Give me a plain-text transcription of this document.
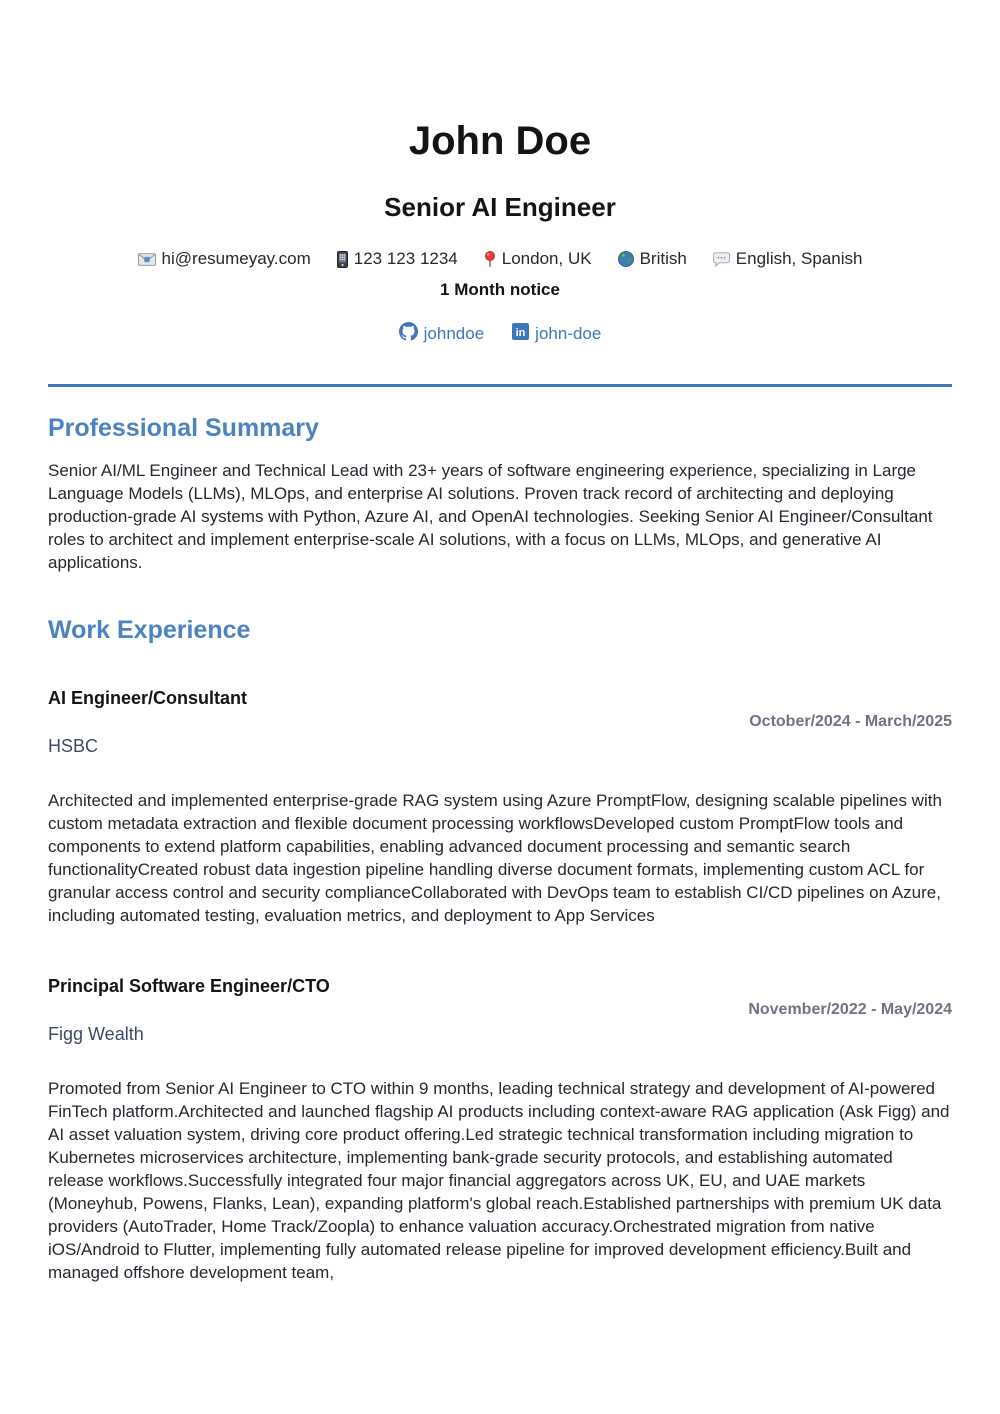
John Doe
Senior AI Engineer
hi@resumeyay.com	123 123 1234	London, UK	British	English, Spanish
1 Month notice
johndoe	in john-doe
Professional Summary

Senior AI/ML Engineer and Technical Lead with 23+ years of software engineering experience, specializing in Large Language Models (LLMs), MLOps, and enterprise AI solutions. Proven track record of architecting and deploying production-grade AI systems with Python, Azure AI, and OpenAI technologies. Seeking Senior AI Engineer/Consultant roles to architect and implement enterprise-scale AI solutions, with a focus on LLMs, MLOps, and generative AI applications.

Work Experience
AI Engineer/Consultant
October/2024 - March/2025
HSBC

Architected and implemented enterprise-grade RAG system using Azure PromptFlow, designing scalable pipelines with custom metadata extraction and flexible document processing workflowsDeveloped custom PromptFlow tools and components to extend platform capabilities, enabling advanced document processing and semantic search functionalityCreated robust data ingestion pipeline handling diverse document formats, implementing custom ACL for granular access control and security complianceCollaborated with DevOps team to establish CI/CD pipelines on Azure, including automated testing, evaluation metrics, and deployment to App Services

Principal Software Engineer/CTO
November/2022 - May/2024
Figg Wealth

Promoted from Senior AI Engineer to CTO within 9 months, leading technical strategy and development of AI-powered FinTech platform.Architected and launched flagship AI products including context-aware RAG application (Ask Figg) and AI asset valuation system, driving core product offering.Led strategic technical transformation including migration to Kubernetes microservices architecture, implementing bank-grade security protocols, and establishing automated release workflows.Successfully integrated four major financial aggregators across UK, EU, and UAE markets (Moneyhub, Powens, Flanks, Lean), expanding platform's global reach.Established partnerships with premium UK data providers (AutoTrader, Home Track/Zoopla) to enhance valuation accuracy.Orchestrated migration from native iOS/Android to Flutter, implementing fully automated release pipeline for improved development efficiency.Built and managed offshore development team,
